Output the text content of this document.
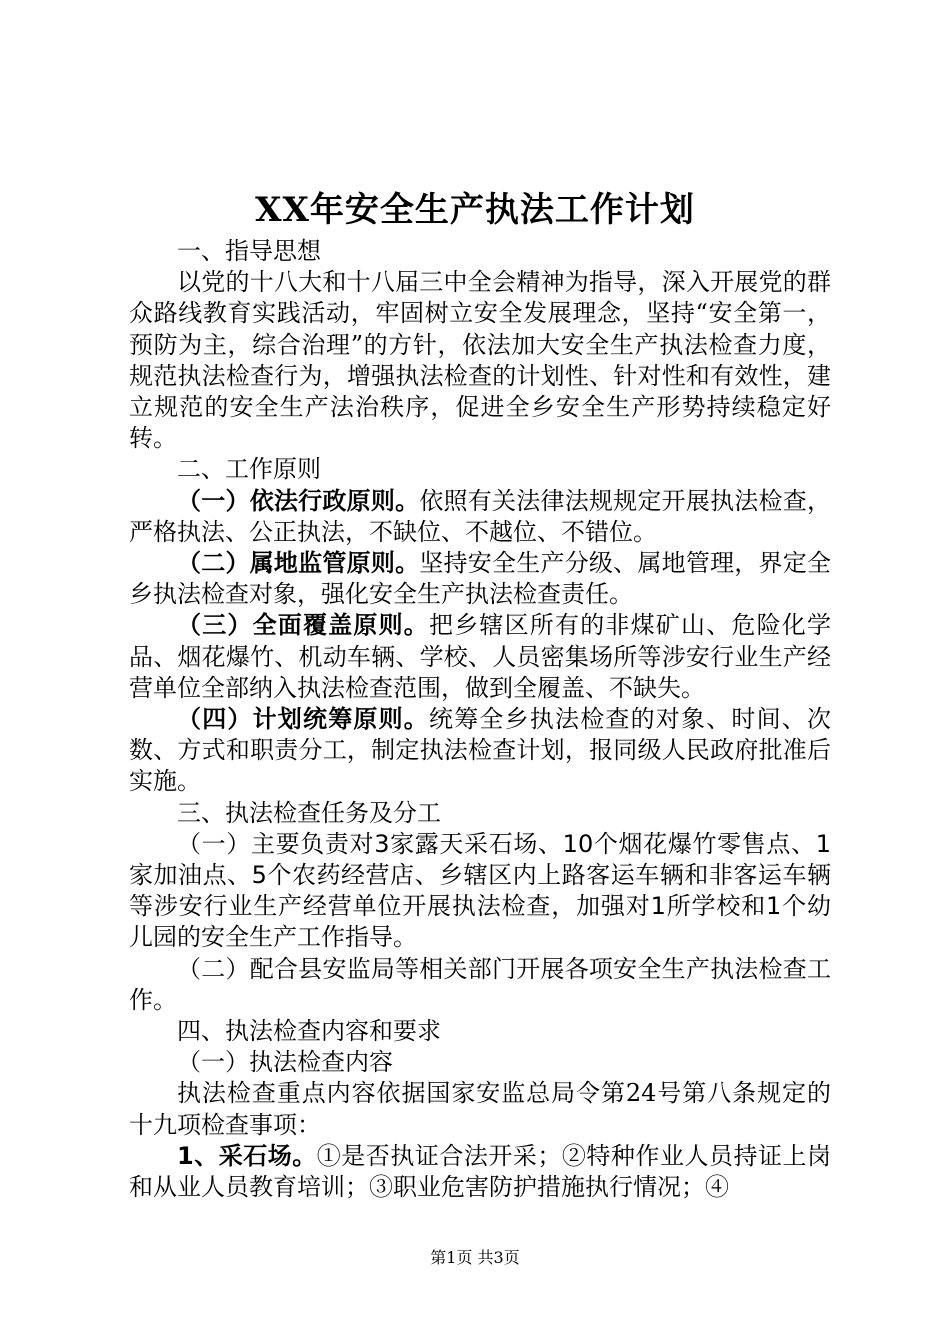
XX年安全生产执法工作计划

一、指导思想

以党的十八大和十八届三中全会精神为指导，深入开展党的群众路线教育实践活动，牢固树立安全发展理念，坚持“安全第一，预防为主，综合治理”的方针，依法加大安全生产执法检查力度，规范执法检查行为，增强执法检查的计划性、针对性和有效性，建立规范的安全生产法治秩序，促进全乡安全生产形势持续稳定好转。

二、工作原则

（一）依法行政原则。依照有关法律法规规定开展执法检查，严格执法、公正执法，不缺位、不越位、不错位。

（二）属地监管原则。坚持安全生产分级、属地管理，界定全乡执法检查对象，强化安全生产执法检查责任。

（三）全面覆盖原则。把乡辖区所有的非煤矿山、危险化学品、烟花爆竹、机动车辆、学校、人员密集场所等涉安行业生产经营单位全部纳入执法检查范围，做到全履盖、不缺失。

（四）计划统筹原则。统筹全乡执法检查的对象、时间、次数、方式和职责分工，制定执法检查计划，报同级人民政府批准后实施。

三、执法检查任务及分工

（一）主要负责对3家露天采石场、10个烟花爆竹零售点、1家加油点、5个农药经营店、乡辖区内上路客运车辆和非客运车辆等涉安行业生产经营单位开展执法检查，加强对1所学校和1个幼儿园的安全生产工作指导。

（二）配合县安监局等相关部门开展各项安全生产执法检查工作。

四、执法检查内容和要求

（一）执法检查内容

执法检查重点内容依据国家安监总局令第24号第八条规定的十九项检查事项：

1、采石场。①是否执证合法开采；②特种作业人员持证上岗和从业人员教育培训；③职业危害防护措施执行情况；④

第1页 共3页
